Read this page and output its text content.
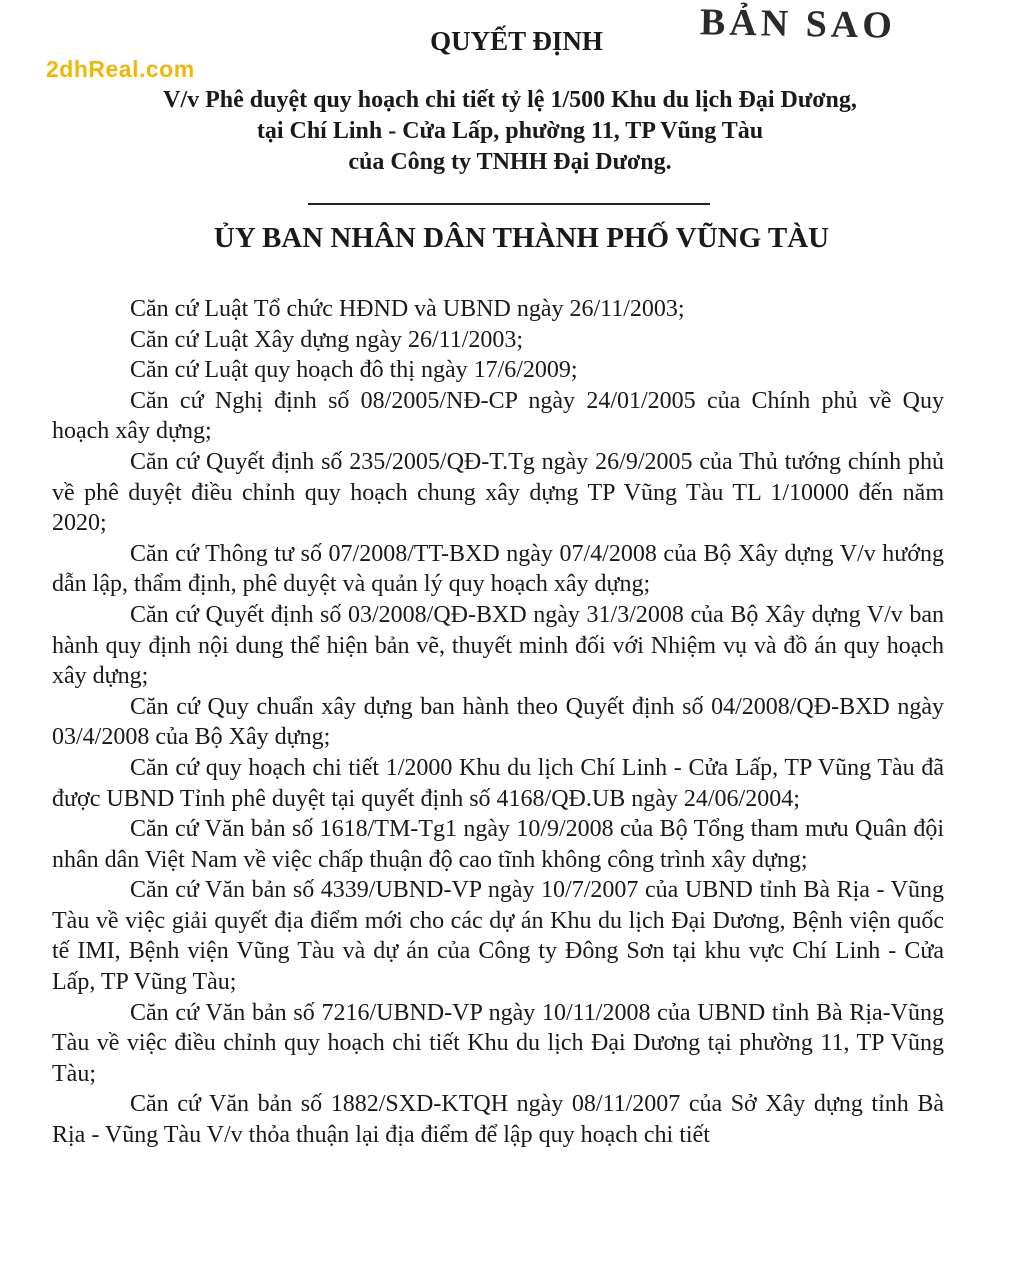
BẢN SAO
2dhReal.com
QUYẾT ĐỊNH
V/v Phê duyệt quy hoạch chi tiết tỷ lệ 1/500 Khu du lịch Đại Dương,
tại Chí Linh - Cửa Lấp, phường 11, TP Vũng Tàu
của Công ty TNHH Đại Dương.
ỦY BAN NHÂN DÂN THÀNH PHỐ VŨNG TÀU

Căn cứ Luật Tổ chức HĐND và UBND ngày 26/11/2003;

Căn cứ Luật Xây dựng ngày 26/11/2003;

Căn cứ Luật quy hoạch đô thị ngày 17/6/2009;

Căn cứ Nghị định số 08/2005/NĐ-CP ngày 24/01/2005 của Chính phủ về Quy hoạch xây dựng;

Căn cứ Quyết định số 235/2005/QĐ-T.Tg ngày 26/9/2005 của Thủ tướng chính phủ về phê duyệt điều chỉnh quy hoạch chung xây dựng TP Vũng Tàu TL 1/10000 đến năm 2020;

Căn cứ Thông tư số 07/2008/TT-BXD ngày 07/4/2008 của Bộ Xây dựng V/v hướng dẫn lập, thẩm định, phê duyệt và quản lý quy hoạch xây dựng;

Căn cứ Quyết định số 03/2008/QĐ-BXD ngày 31/3/2008 của Bộ Xây dựng V/v ban hành quy định nội dung thể hiện bản vẽ, thuyết minh đối với Nhiệm vụ và đồ án quy hoạch xây dựng;

Căn cứ Quy chuẩn xây dựng ban hành theo Quyết định số 04/2008/QĐ-BXD ngày 03/4/2008 của Bộ Xây dựng;

Căn cứ quy hoạch chi tiết 1/2000 Khu du lịch Chí Linh - Cửa Lấp, TP Vũng Tàu đã được UBND Tỉnh phê duyệt tại quyết định số 4168/QĐ.UB ngày 24/06/2004;

Căn cứ Văn bản số 1618/TM-Tg1 ngày 10/9/2008 của Bộ Tổng tham mưu Quân đội nhân dân Việt Nam về việc chấp thuận độ cao tĩnh không công trình xây dựng;

Căn cứ Văn bản số 4339/UBND-VP ngày 10/7/2007 của UBND tỉnh Bà Rịa - Vũng Tàu về việc giải quyết địa điểm mới cho các dự án Khu du lịch Đại Dương, Bệnh viện quốc tế IMI, Bệnh viện Vũng Tàu và dự án của Công ty Đông Sơn tại khu vực Chí Linh - Cửa Lấp, TP Vũng Tàu;

Căn cứ Văn bản số 7216/UBND-VP ngày 10/11/2008 của UBND tỉnh Bà Rịa-Vũng Tàu về việc điều chỉnh quy hoạch chi tiết Khu du lịch Đại Dương tại phường 11, TP Vũng Tàu;

Căn cứ Văn bản số 1882/SXD-KTQH ngày 08/11/2007 của Sở Xây dựng tỉnh Bà Rịa - Vũng Tàu V/v thỏa thuận lại địa điểm để lập quy hoạch chi tiết
